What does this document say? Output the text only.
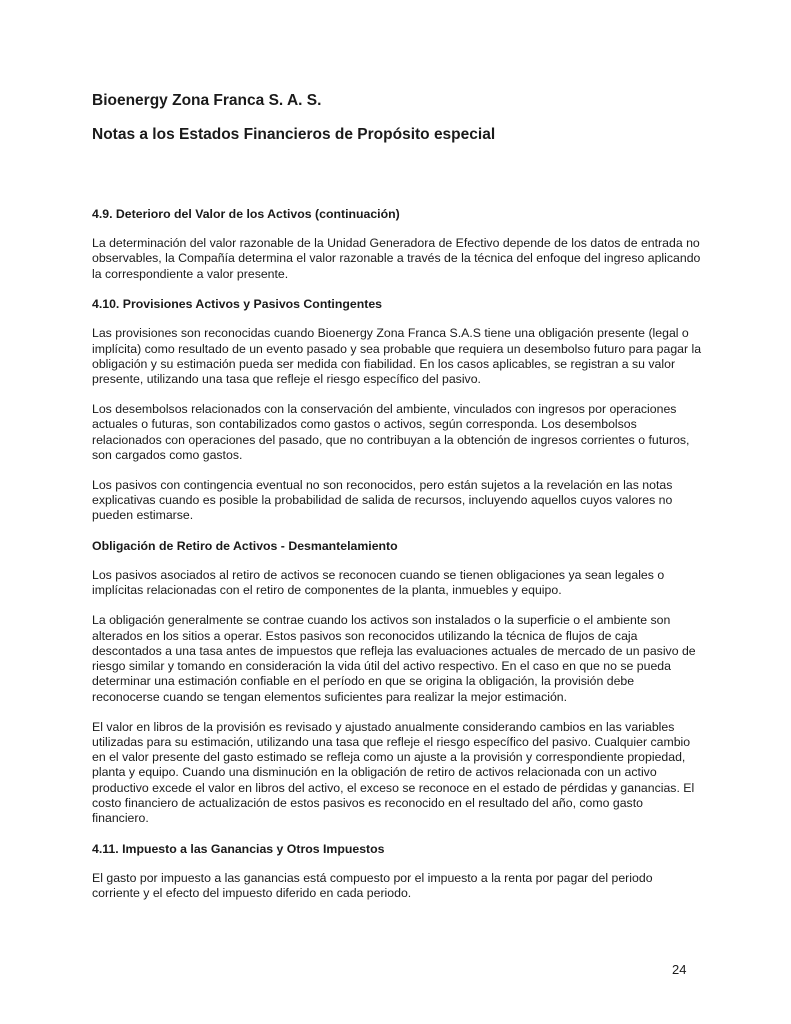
Bioenergy Zona Franca S. A. S.
Notas a los Estados Financieros de Propósito especial
4.9. Deterioro del Valor de los Activos (continuación)

La determinación del valor razonable de la Unidad Generadora de Efectivo depende de los datos de entrada no observables, la Compañía determina el valor razonable a través de la técnica del enfoque del ingreso aplicando la correspondiente a valor presente.

4.10. Provisiones Activos y Pasivos Contingentes

Las provisiones son reconocidas cuando Bioenergy Zona Franca S.A.S tiene una obligación presente (legal o implícita) como resultado de un evento pasado y sea probable que requiera un desembolso futuro para pagar la obligación y su estimación pueda ser medida con fiabilidad. En los casos aplicables, se registran a su valor presente, utilizando una tasa que refleje el riesgo específico del pasivo.

Los desembolsos relacionados con la conservación del ambiente, vinculados con ingresos por operaciones actuales o futuras, son contabilizados como gastos o activos, según corresponda. Los desembolsos relacionados con operaciones del pasado, que no contribuyan a la obtención de ingresos corrientes o futuros, son cargados como gastos.

Los pasivos con contingencia eventual no son reconocidos, pero están sujetos a la revelación en las notas explicativas cuando es posible la probabilidad de salida de recursos, incluyendo aquellos cuyos valores no pueden estimarse.

Obligación de Retiro de Activos - Desmantelamiento

Los pasivos asociados al retiro de activos se reconocen cuando se tienen obligaciones ya sean legales o implícitas relacionadas con el retiro de componentes de la planta, inmuebles y equipo.

La obligación generalmente se contrae cuando los activos son instalados o la superficie o el ambiente son alterados en los sitios a operar. Estos pasivos son reconocidos utilizando la técnica de flujos de caja descontados a una tasa antes de impuestos que refleja las evaluaciones actuales de mercado de un pasivo de riesgo similar y tomando en consideración la vida útil del activo respectivo. En el caso en que no se pueda determinar una estimación confiable en el período en que se origina la obligación, la provisión debe reconocerse cuando se tengan elementos suficientes para realizar la mejor estimación.

El valor en libros de la provisión es revisado y ajustado anualmente considerando cambios en las variables utilizadas para su estimación, utilizando una tasa que refleje el riesgo específico del pasivo. Cualquier cambio en el valor presente del gasto estimado se refleja como un ajuste a la provisión y correspondiente propiedad, planta y equipo. Cuando una disminución en la obligación de retiro de activos relacionada con un activo productivo excede el valor en libros del activo, el exceso se reconoce en el estado de pérdidas y ganancias. El costo financiero de actualización de estos pasivos es reconocido en el resultado del año, como gasto financiero.

4.11. Impuesto a las Ganancias y Otros Impuestos

El gasto por impuesto a las ganancias está compuesto por el impuesto a la renta por pagar del periodo corriente y el efecto del impuesto diferido en cada periodo.

24
